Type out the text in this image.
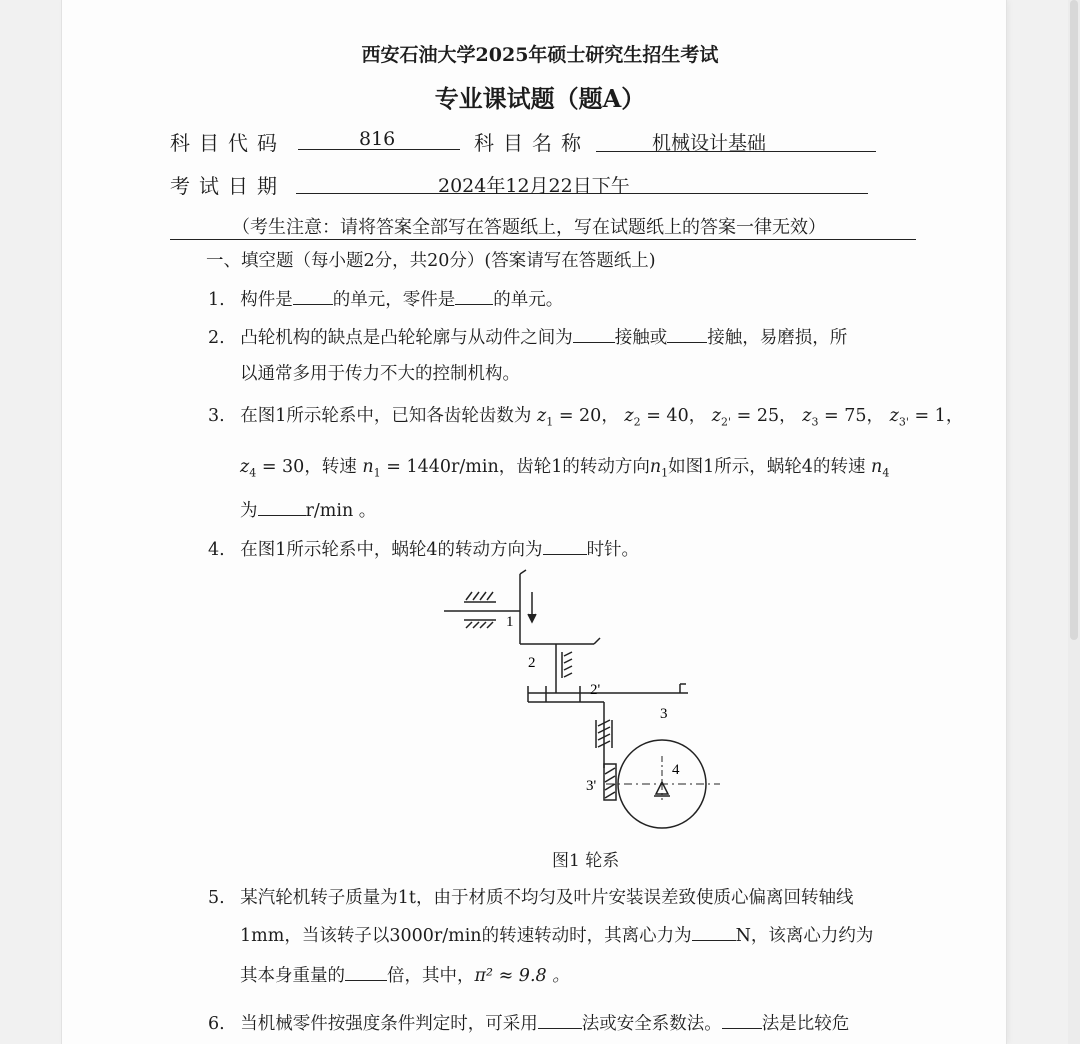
西安石油大学2025年硕士研究生招生考试
专业课试题（题A）
科目代码	816	科目名称	机械设计基础
考试日期	2024年12月22日下午
（考生注意：请将答案全部写在答题纸上，写在试题纸上的答案一律无效）
一、填空题（每小题2分，共20分）(答案请写在答题纸上)
1. 构件是 的单元，零件是 的单元。
2. 凸轮机构的缺点是凸轮轮廓与从动件之间为 接触或 接触，易磨损，所
以通常多用于传力不大的控制机构。
3. 在图1所示轮系中，已知各齿轮齿数为 $z_1 = 20$， $z_2 = 40$， $z_{2'} = 25$， $z_3 = 75$， $z_{3'} = 1$，
$z_4 = 30$，转速 $n_1 = 1440r/\min$，齿轮1的转动方向$n_1$如图1所示，蜗轮4的转速 $n_4$
为	r/min 。
4. 在图1所示轮系中，蜗轮4的转动方向为	时针。
1
2
2'
3
3'
4
图1 轮系
5. 某汽轮机转子质量为1t，由于材质不均匀及叶片安装误差致使质心偏离回转轴线
1mm，当该转子以3000r/min的转速转动时，其离心力为	N，该离心力约为
其本身重量的 倍，其中，π² ≈ 9.8 。
6. 当机械零件按强度条件判定时，可采用	法或安全系数法。 法是比较危
